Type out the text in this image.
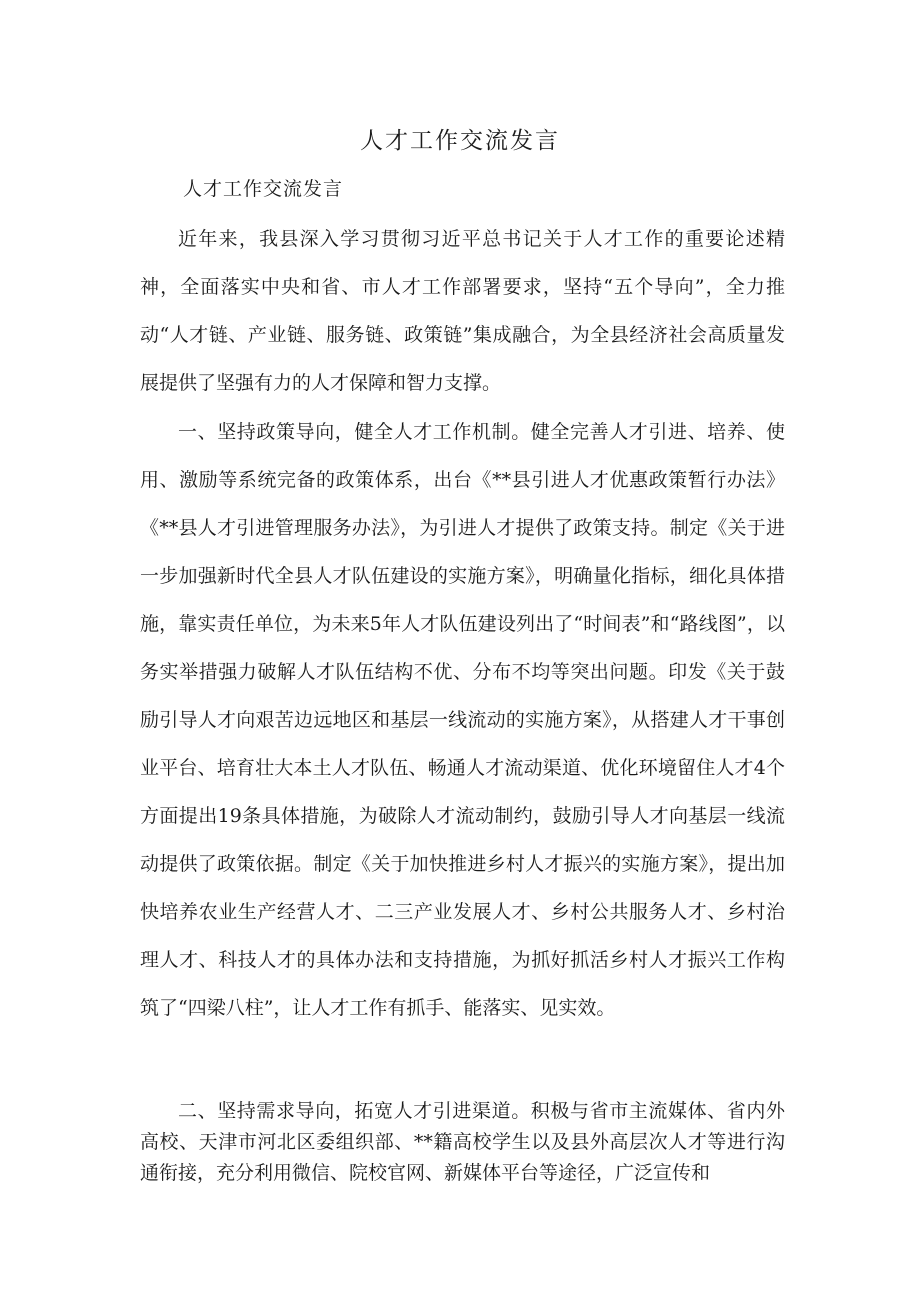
人才工作交流发言
人才工作交流发言
近年来，我县深入学习贯彻习近平总书记关于人才工作的重要论述精神，全面落实中央和省、市人才工作部署要求，坚持“五个导向”，全力推动“人才链、产业链、服务链、政策链”集成融合，为全县经济社会高质量发展提供了坚强有力的人才保障和智力支撑。
一、坚持政策导向，健全人才工作机制。健全完善人才引进、培养、使用、激励等系统完备的政策体系，出台《**县引进人才优惠政策暂行办法》《**县人才引进管理服务办法》，为引进人才提供了政策支持。制定《关于进一步加强新时代全县人才队伍建设的实施方案》，明确量化指标，细化具体措施，靠实责任单位，为未来5年人才队伍建设列出了“时间表”和“路线图”，以务实举措强力破解人才队伍结构不优、分布不均等突出问题。印发《关于鼓励引导人才向艰苦边远地区和基层一线流动的实施方案》，从搭建人才干事创业平台、培育壮大本土人才队伍、畅通人才流动渠道、优化环境留住人才4个方面提出19条具体措施，为破除人才流动制约，鼓励引导人才向基层一线流动提供了政策依据。制定《关于加快推进乡村人才振兴的实施方案》，提出加快培养农业生产经营人才、二三产业发展人才、乡村公共服务人才、乡村治理人才、科技人才的具体办法和支持措施，为抓好抓活乡村人才振兴工作构筑了“四梁八柱”，让人才工作有抓手、能落实、见实效。
二、坚持需求导向，拓宽人才引进渠道。积极与省市主流媒体、省内外高校、天津市河北区委组织部、**籍高校学生以及县外高层次人才等进行沟通衔接，充分利用微信、院校官网、新媒体平台等途径，广泛宣传和
